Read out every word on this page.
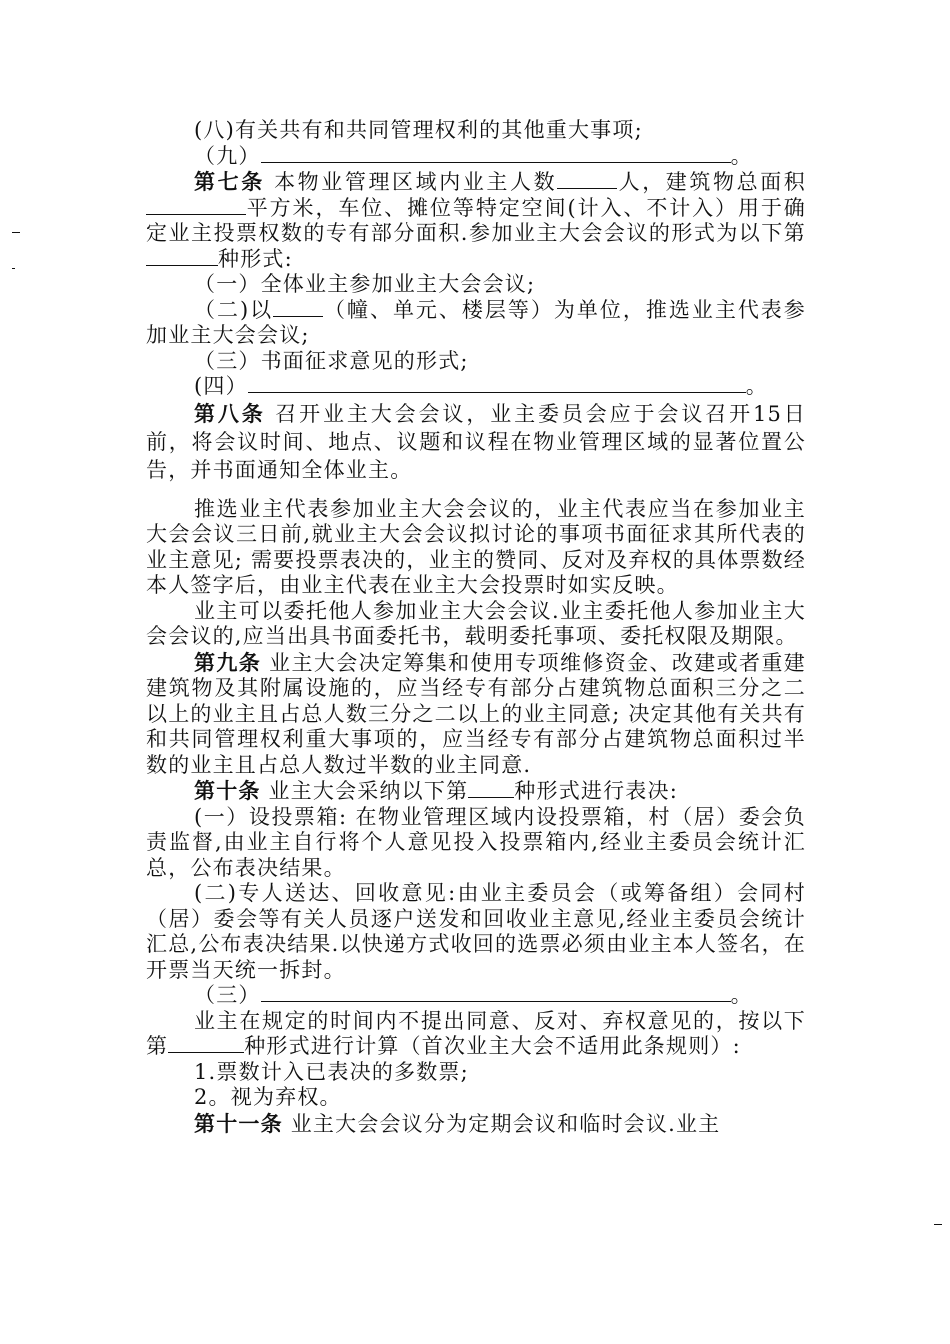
(八)有关共有和共同管理权利的其他重大事项;

（九）	。

第七条 本物业管理区域内业主人数	人，建筑物总面积平方米，车位、摊位等特定空间(计入、不计入）用于确定业主投票权数的专有部分面积.参加业主大会会议的形式为以下第种形式:

（一）全体业主参加业主大会会议;

（二)以 （幢、单元、楼层等）为单位，推选业主代表参加业主大会会议;

（三）书面征求意见的形式;

(四）	。

第八条 召开业主大会会议，业主委员会应于会议召开15日前，将会议时间、地点、议题和议程在物业管理区域的显著位置公告，并书面通知全体业主。

推选业主代表参加业主大会会议的，业主代表应当在参加业主大会会议三日前,就业主大会会议拟讨论的事项书面征求其所代表的业主意见; 需要投票表决的，业主的赞同、反对及弃权的具体票数经本人签字后，由业主代表在业主大会投票时如实反映。

业主可以委托他人参加业主大会会议.业主委托他人参加业主大会会议的,应当出具书面委托书，载明委托事项、委托权限及期限。

第九条 业主大会决定筹集和使用专项维修资金、改建或者重建建筑物及其附属设施的，应当经专有部分占建筑物总面积三分之二以上的业主且占总人数三分之二以上的业主同意; 决定其他有关共有和共同管理权利重大事项的，应当经专有部分占建筑物总面积过半数的业主且占总人数过半数的业主同意.

第十条 业主大会采纳以下第 种形式进行表决:

(一）设投票箱: 在物业管理区域内设投票箱，村（居）委会负责监督,由业主自行将个人意见投入投票箱内,经业主委员会统计汇总，公布表决结果。

(二)专人送达、回收意见:由业主委员会（或筹备组）会同村（居）委会等有关人员逐户送发和回收业主意见,经业主委员会统计汇总,公布表决结果.以快递方式收回的选票必须由业主本人签名，在开票当天统一拆封。

（三）	。

业主在规定的时间内不提出同意、反对、弃权意见的，按以下第	种形式进行计算（首次业主大会不适用此条规则）:

1.票数计入已表决的多数票;

2。视为弃权。

第十一条 业主大会会议分为定期会议和临时会议.业主
